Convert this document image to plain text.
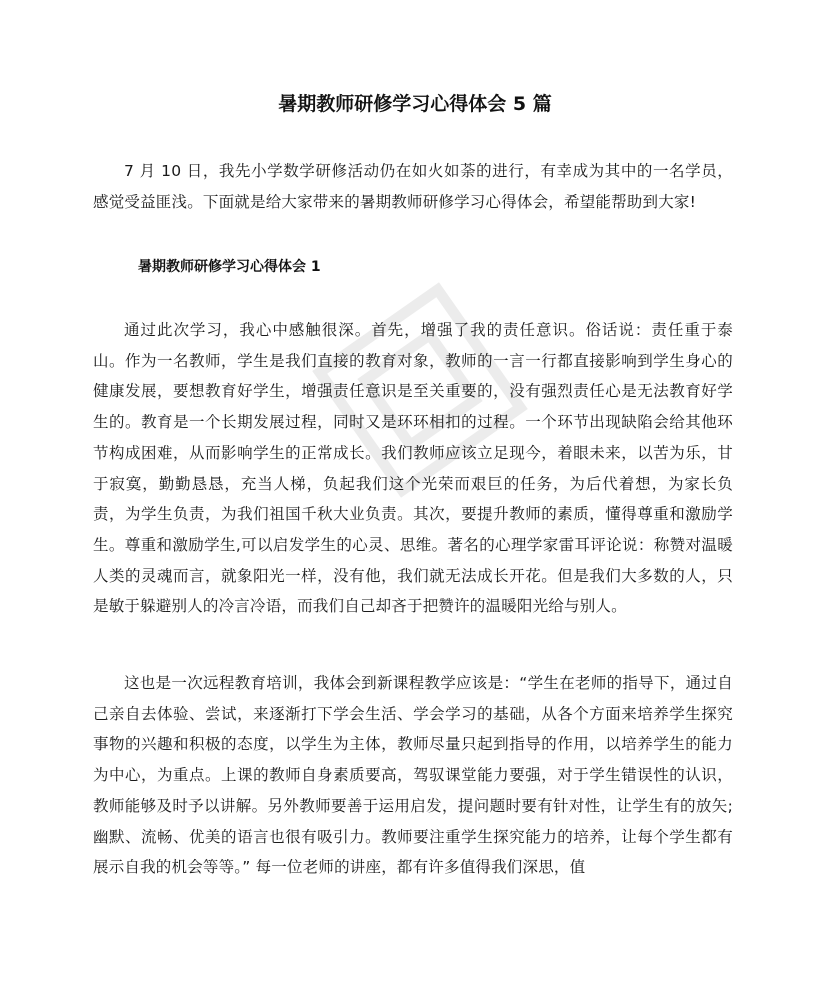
暑期教师研修学习心得体会 5 篇

7 月 10 日，我先小学数学研修活动仍在如火如荼的进行，有幸成为其中的一名学员，感觉受益匪浅。下面就是给大家带来的暑期教师研修学习心得体会，希望能帮助到大家!

暑期教师研修学习心得体会 1

通过此次学习，我心中感触很深。首先，增强了我的责任意识。俗话说：责任重于泰山。作为一名教师，学生是我们直接的教育对象，教师的一言一行都直接影响到学生身心的健康发展，要想教育好学生，增强责任意识是至关重要的，没有强烈责任心是无法教育好学生的。教育是一个长期发展过程，同时又是环环相扣的过程。一个环节出现缺陷会给其他环节构成困难，从而影响学生的正常成长。我们教师应该立足现今，着眼未来，以苦为乐，甘于寂寞，勤勤恳恳，充当人梯，负起我们这个光荣而艰巨的任务，为后代着想，为家长负责，为学生负责，为我们祖国千秋大业负责。其次，要提升教师的素质，懂得尊重和激励学生。尊重和激励学生,可以启发学生的心灵、思维。著名的心理学家雷耳评论说：称赞对温暖人类的灵魂而言，就象阳光一样，没有他，我们就无法成长开花。但是我们大多数的人，只是敏于躲避别人的冷言冷语，而我们自己却吝于把赞许的温暖阳光给与别人。

这也是一次远程教育培训，我体会到新课程教学应该是：“学生在老师的指导下，通过自己亲自去体验、尝试，来逐渐打下学会生活、学会学习的基础，从各个方面来培养学生探究事物的兴趣和积极的态度，以学生为主体，教师尽量只起到指导的作用，以培养学生的能力为中心，为重点。上课的教师自身素质要高，驾驭课堂能力要强，对于学生错误性的认识，教师能够及时予以讲解。另外教师要善于运用启发，提问题时要有针对性，让学生有的放矢;幽默、流畅、优美的语言也很有吸引力。教师要注重学生探究能力的培养，让每个学生都有展示自我的机会等等。” 每一位老师的讲座，都有许多值得我们深思，值
